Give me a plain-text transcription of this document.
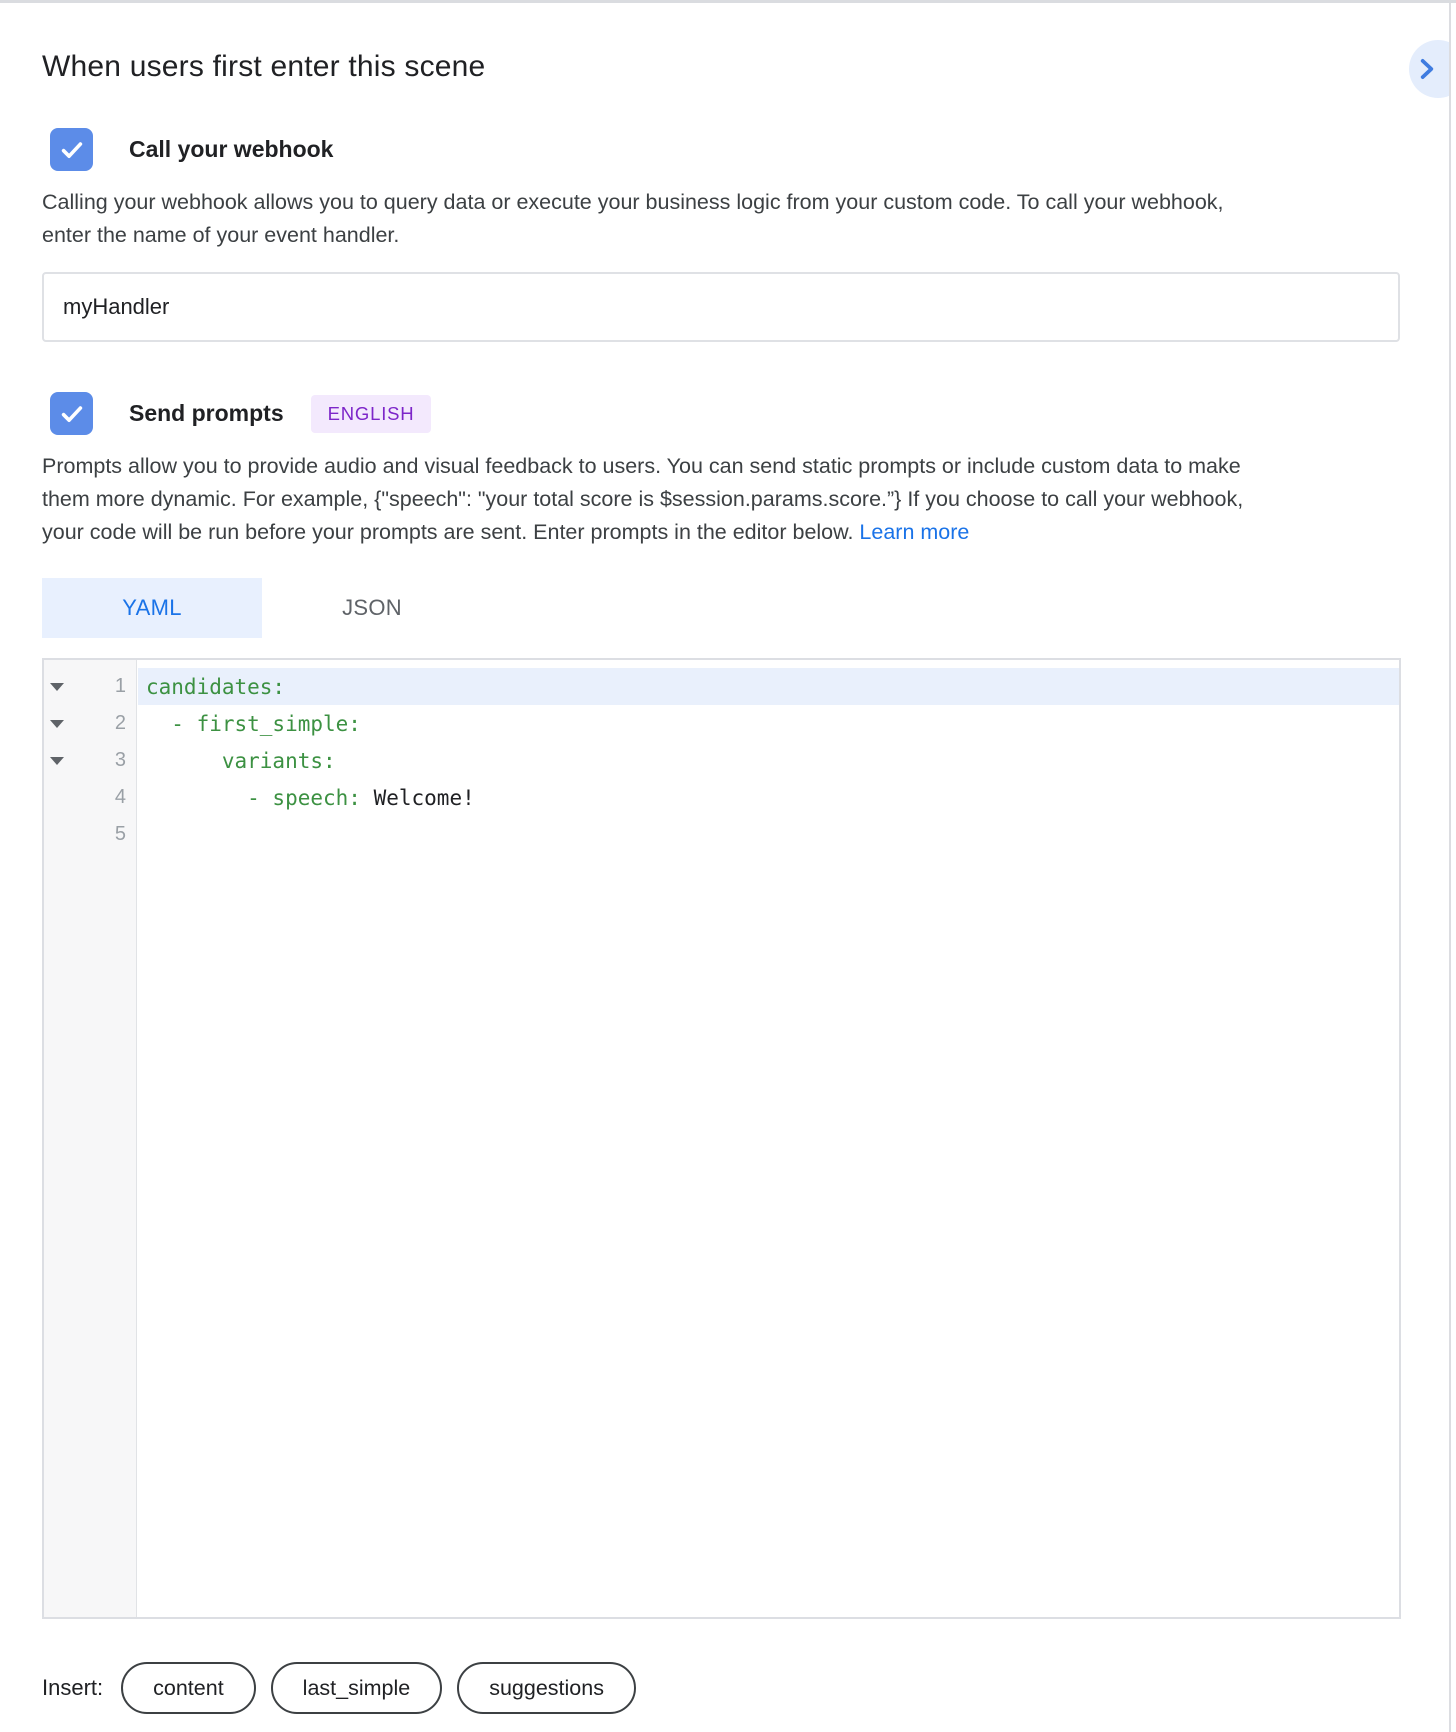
When users first enter this scene
Call your webhook
Calling your webhook allows you to query data or execute your business logic from your custom code. To call your webhook,
enter the name of your event handler.
myHandler
Send prompts	ENGLISH
Prompts allow you to provide audio and visual feedback to users. You can send static prompts or include custom data to make
them more dynamic. For example, {"speech": "your total score is $session.params.score.”} If you choose to call your webhook,
your code will be run before your prompts are sent. Enter prompts in the editor below. Learn more
YAML	JSON
1 candidates:
2 - first_simple:
3 variants:
4 - speech: Welcome!
5
Insert:	content	last_simple	suggestions
